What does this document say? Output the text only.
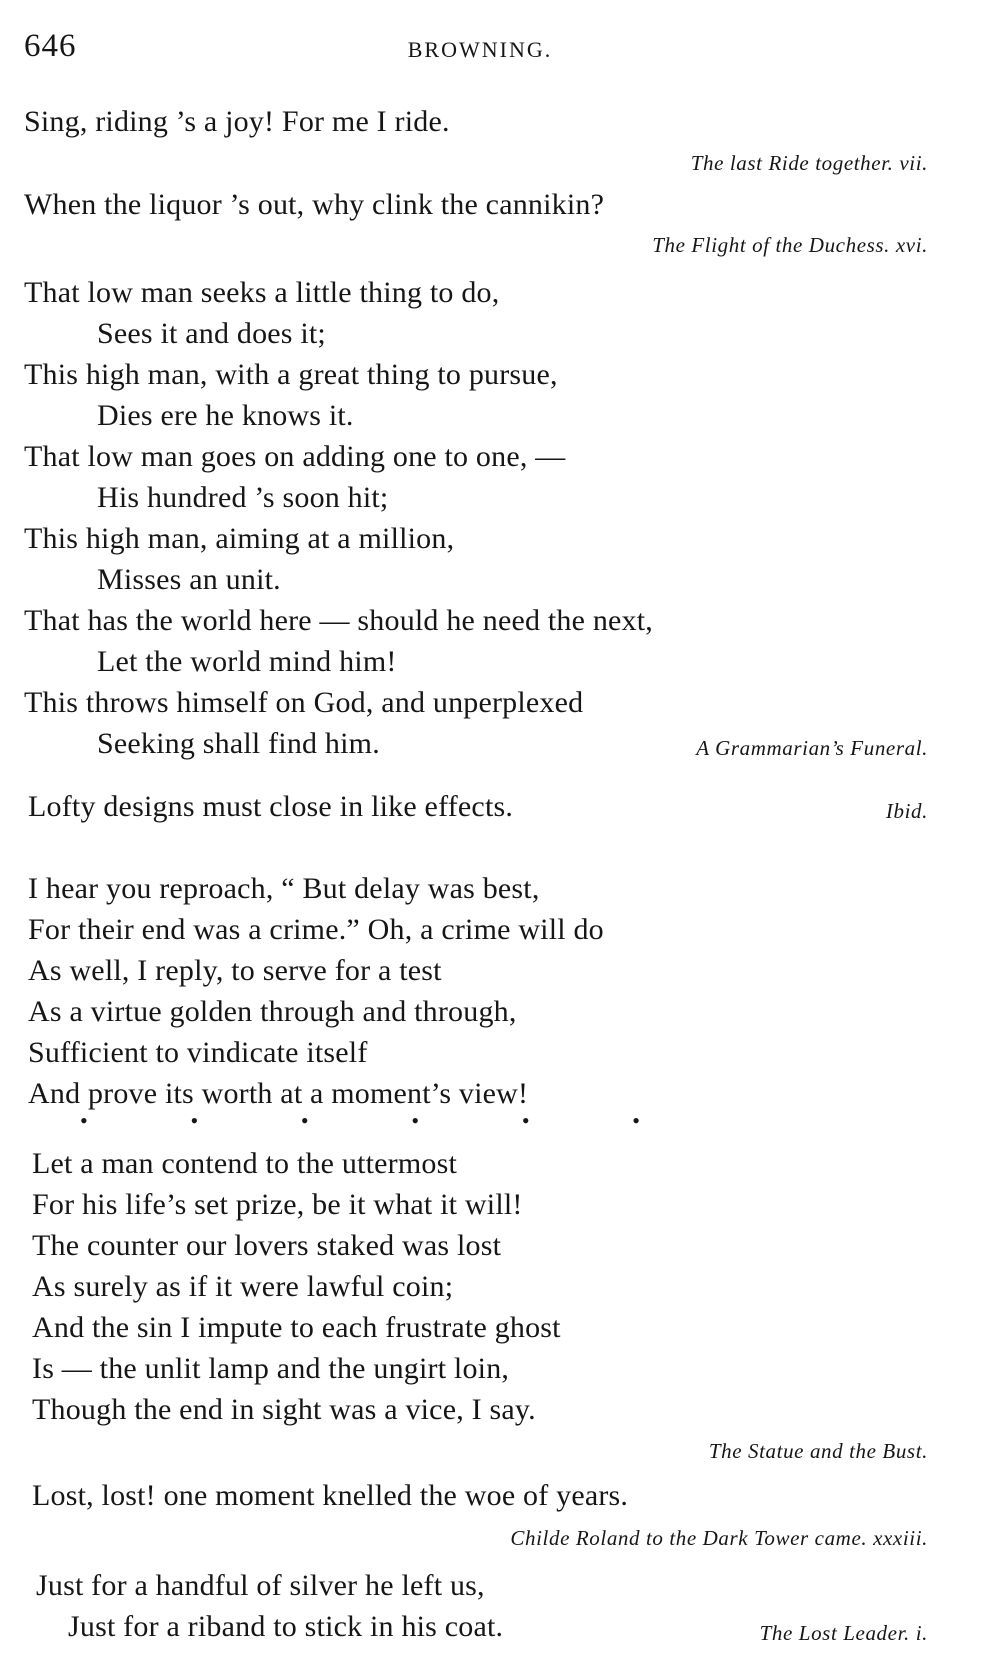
646	BROWNING.
Sing, riding ’s a joy! For me I ride.
The last Ride together. vii.
When the liquor ’s out, why clink the cannikin?
The Flight of the Duchess. xvi.
That low man seeks a little thing to do,
Sees it and does it;
This high man, with a great thing to pursue,
Dies ere he knows it.
That low man goes on adding one to one, —
His hundred ’s soon hit;
This high man, aiming at a million,
Misses an unit.
That has the world here — should he need the next,
Let the world mind him!
This throws himself on God, and unperplexed
Seeking shall find him.	A Grammarian’s Funeral.
Lofty designs must close in like effects.	Ibid.
I hear you reproach, “ But delay was best,
For their end was a crime.” Oh, a crime will do
As well, I reply, to serve for a test
As a virtue golden through and through,
Sufficient to vindicate itself
And prove its worth at a moment’s view!
•	•	•	•	•	•
Let a man contend to the uttermost
For his life’s set prize, be it what it will!
The counter our lovers staked was lost
As surely as if it were lawful coin;
And the sin I impute to each frustrate ghost
Is — the unlit lamp and the ungirt loin,
Though the end in sight was a vice, I say.
The Statue and the Bust.
Lost, lost! one moment knelled the woe of years.
Childe Roland to the Dark Tower came. xxxiii.
Just for a handful of silver he left us,
Just for a riband to stick in his coat.	The Lost Leader. i.
